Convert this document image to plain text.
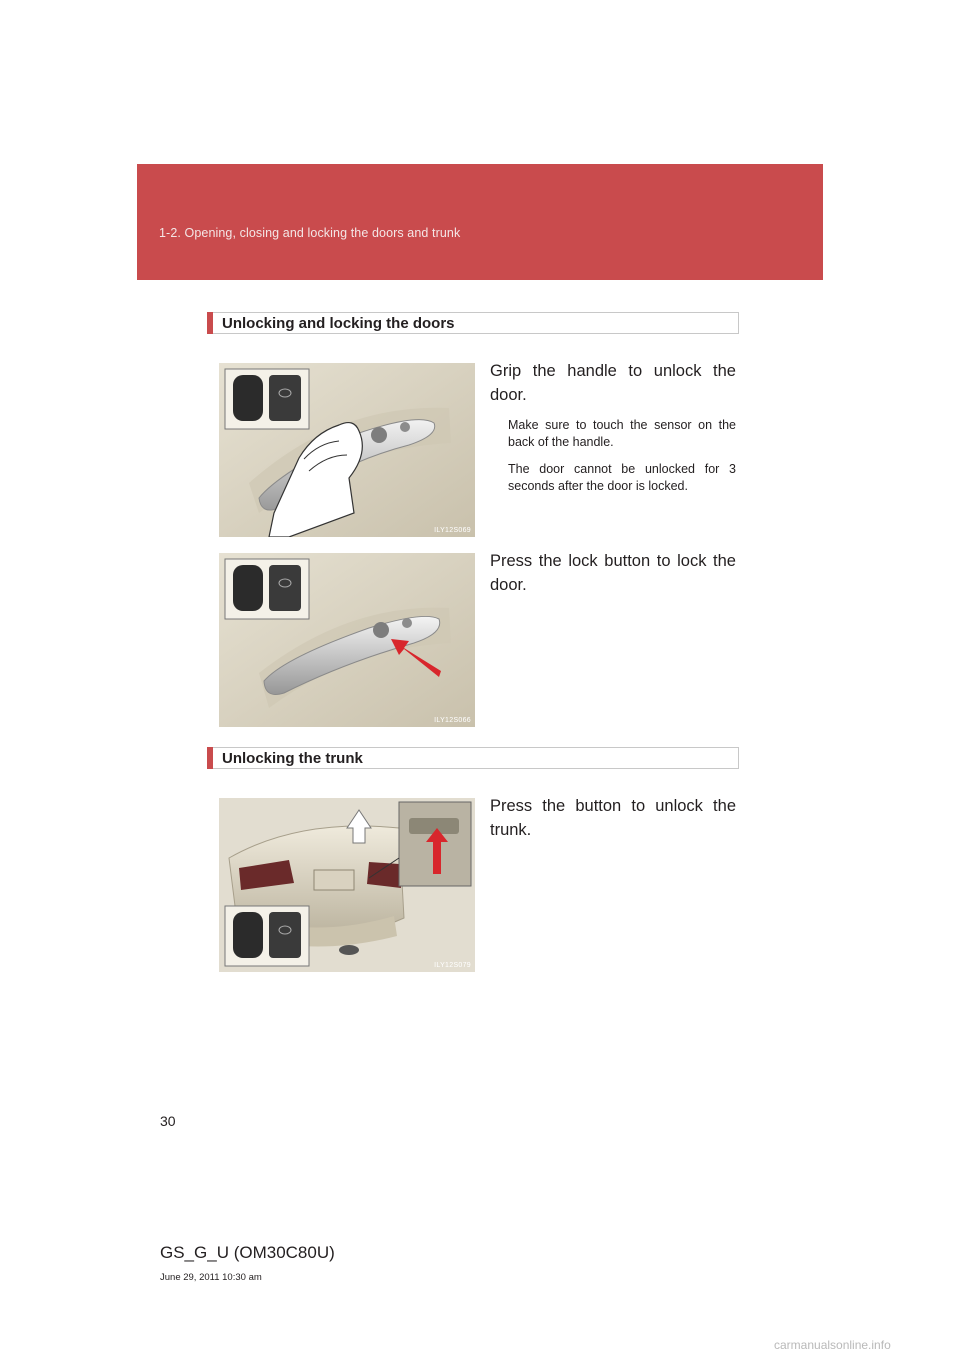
1-2. Opening, closing and locking the doors and trunk
Unlocking and locking the doors
ILY12S069
Grip the handle to unlock the door.
Make sure to touch the sensor on the back of the handle.
The door cannot be unlocked for 3 seconds after the door is locked.
ILY12S066
Press the lock button to lock the door.
Unlocking the trunk
ILY12S079
Press the button to unlock the trunk.
30
GS_G_U (OM30C80U)
June 29, 2011 10:30 am
carmanualsonline.info
